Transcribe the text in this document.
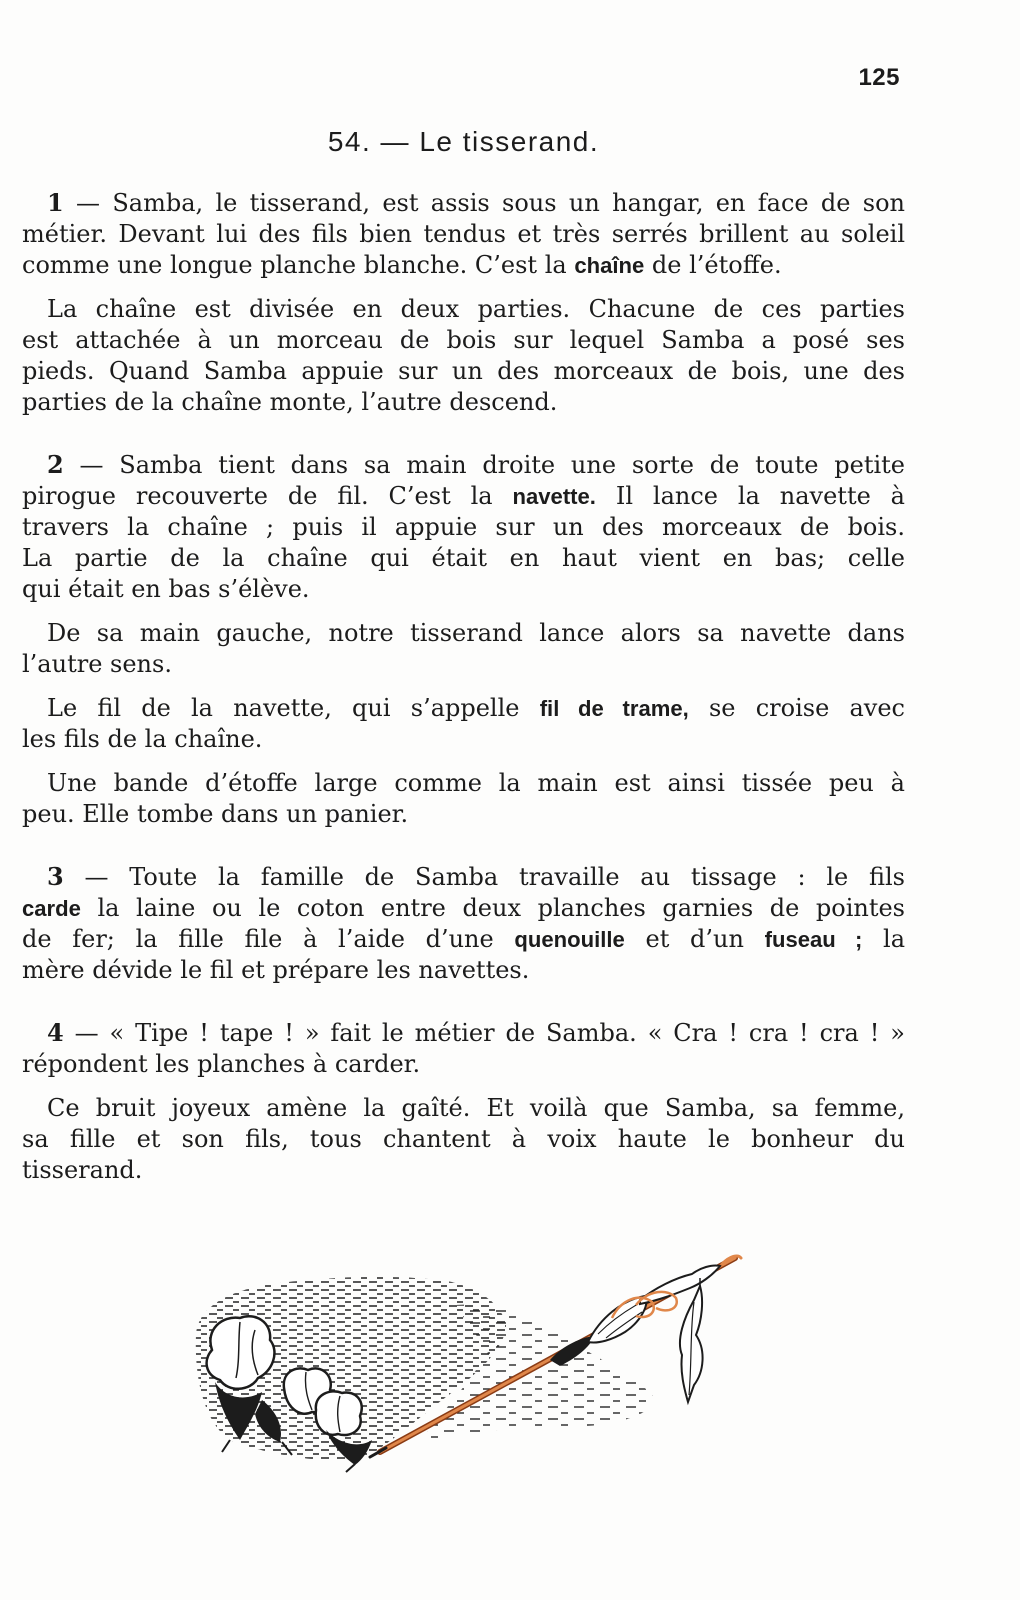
125
54. — Le tisserand.
1 — Samba, le tisserand, est assis sous un hangar, en face de son
métier. Devant lui des fils bien tendus et très serrés brillent au soleil
comme une longue planche blanche. C’est la chaîne de l’étoffe.
La chaîne est divisée en deux parties. Chacune de ces parties
est attachée à un morceau de bois sur lequel Samba a posé ses
pieds. Quand Samba appuie sur un des morceaux de bois, une des
parties de la chaîne monte, l’autre descend.
2 — Samba tient dans sa main droite une sorte de toute petite
pirogue recouverte de fil. C’est la navette. Il lance la navette à
travers la chaîne ; puis il appuie sur un des morceaux de bois.
La partie de la chaîne qui était en haut vient en bas; celle
qui était en bas s’élève.
De sa main gauche, notre tisserand lance alors sa navette dans
l’autre sens.
Le fil de la navette, qui s’appelle fil de trame, se croise avec
les fils de la chaîne.
Une bande d’étoffe large comme la main est ainsi tissée peu à
peu. Elle tombe dans un panier.
3 — Toute la famille de Samba travaille au tissage : le fils
carde la laine ou le coton entre deux planches garnies de pointes
de fer; la fille file à l’aide d’une quenouille et d’un fuseau ; la
mère dévide le fil et prépare les navettes.
4 — « Tipe ! tape ! » fait le métier de Samba. « Cra ! cra ! cra ! »
répondent les planches à carder.
Ce bruit joyeux amène la gaîté. Et voilà que Samba, sa femme,
sa fille et son fils, tous chantent à voix haute le bonheur du
tisserand.
